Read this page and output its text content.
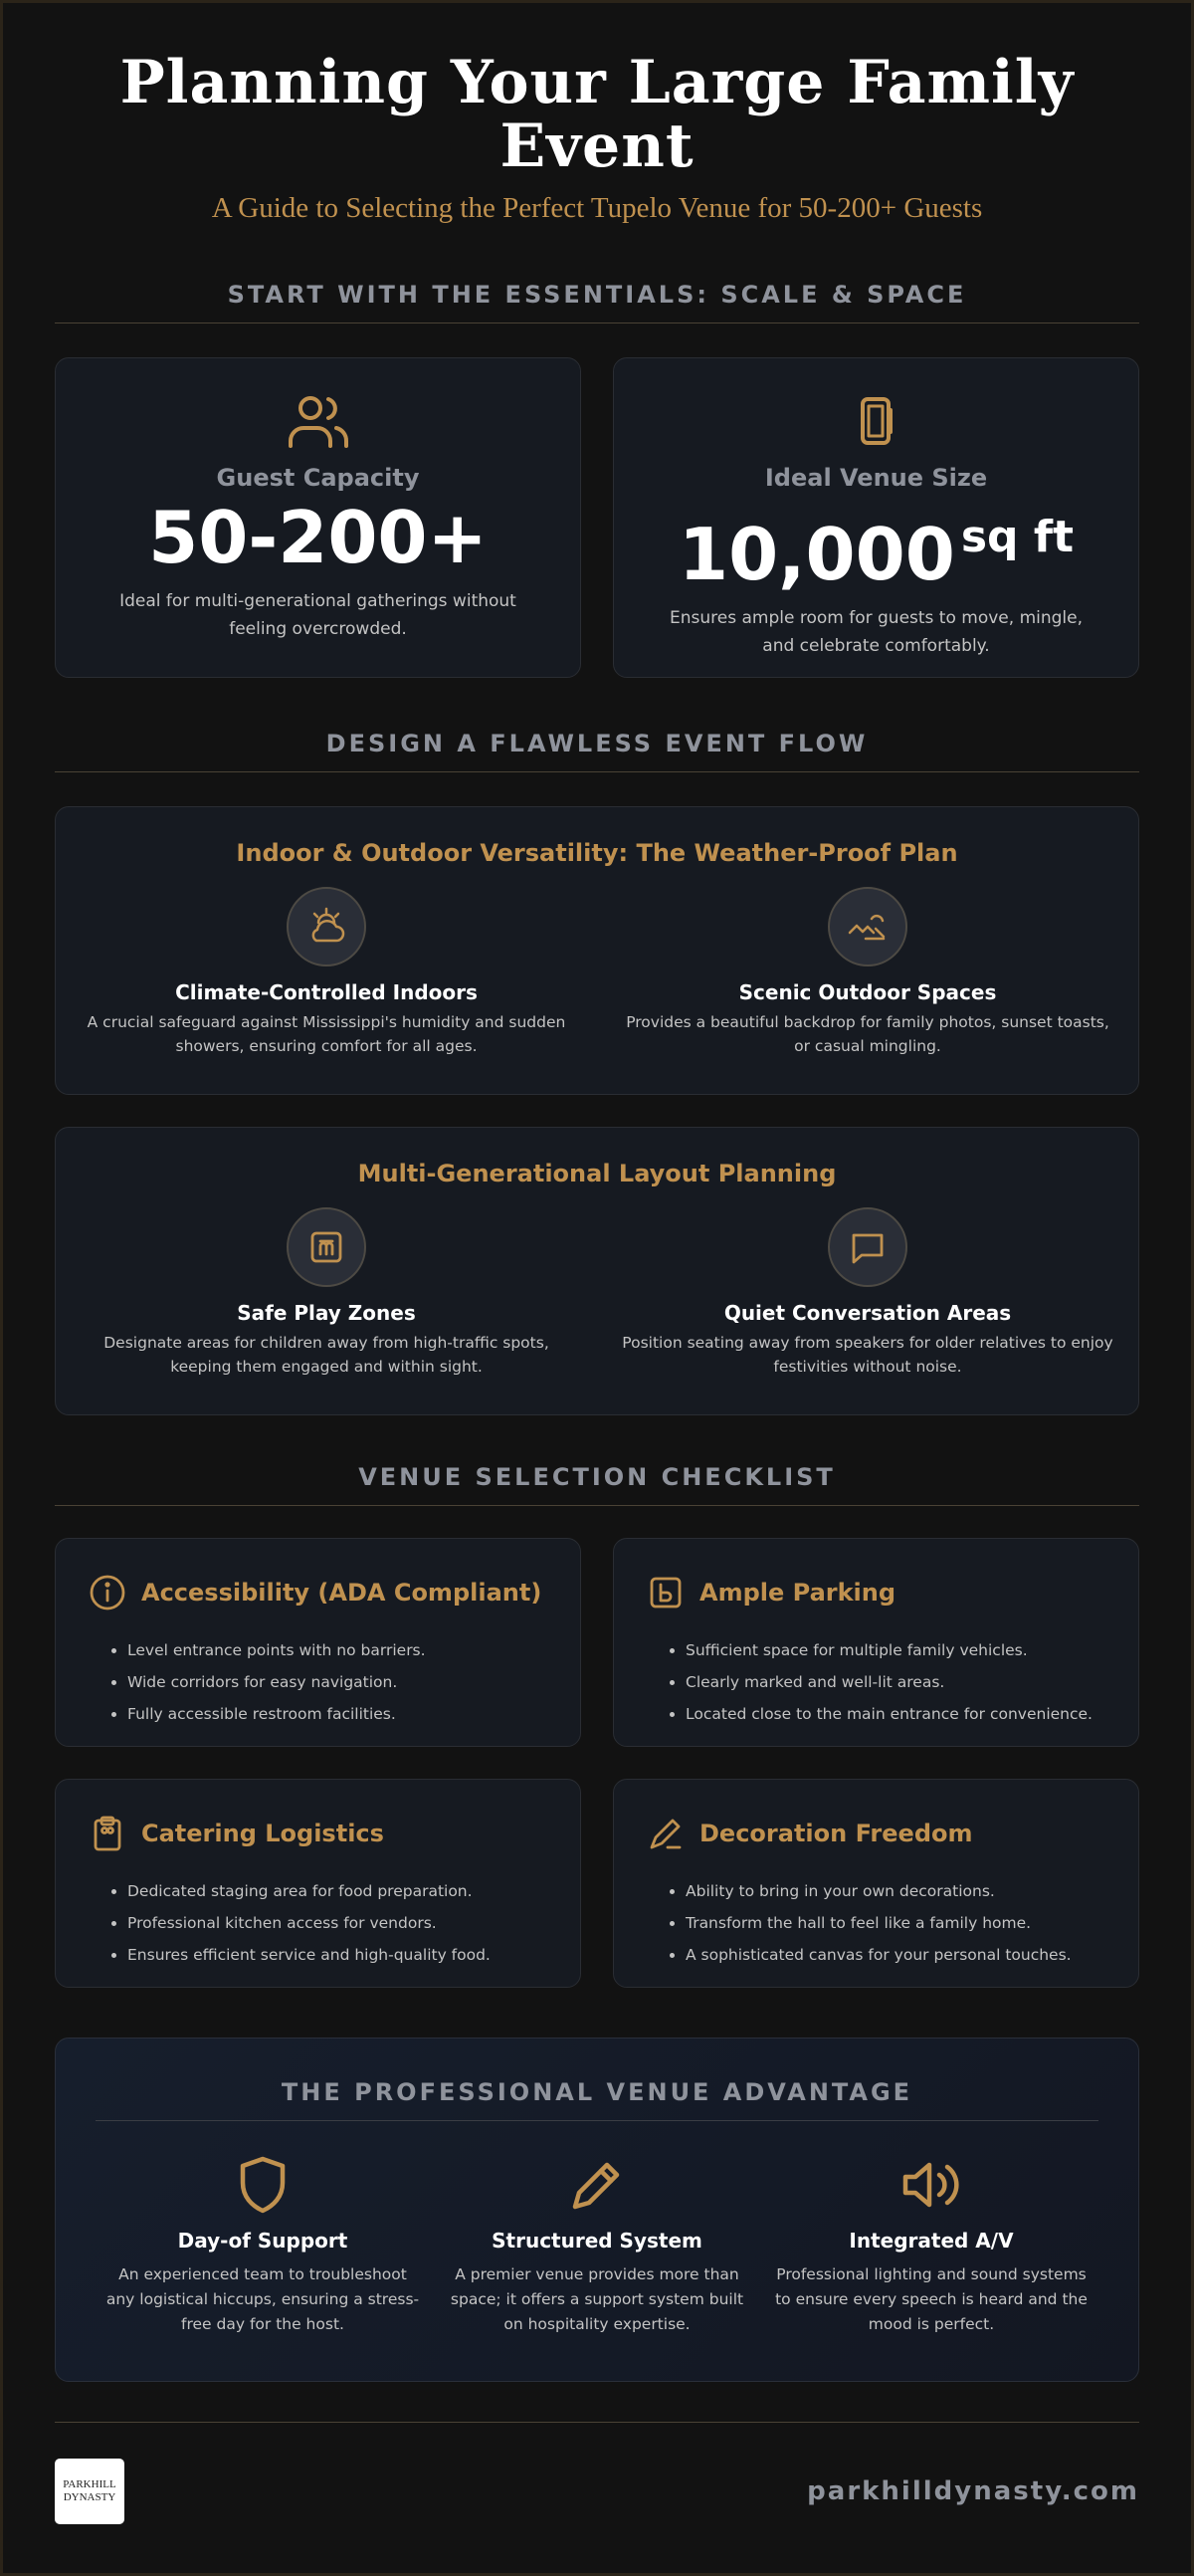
Planning Your Large Family Event
A Guide to Selecting the Perfect Tupelo Venue for 50-200+ Guests
START WITH THE ESSENTIALS: SCALE & SPACE
Guest Capacity
50-200+
Ideal for multi-generational gatherings without feeling overcrowded.
Ideal Venue Size
10,000 $^{sq ft}$
Ensures ample room for guests to move, mingle, and celebrate comfortably.
DESIGN A FLAWLESS EVENT FLOW
Indoor & Outdoor Versatility: The Weather-Proof Plan
Climate-Controlled Indoors
A crucial safeguard against Mississippi's humidity and sudden showers, ensuring comfort for all ages.
Scenic Outdoor Spaces
Provides a beautiful backdrop for family photos, sunset toasts, or casual mingling.
Multi-Generational Layout Planning
Safe Play Zones
Designate areas for children away from high-traffic spots, keeping them engaged and within sight.
Quiet Conversation Areas
Position seating away from speakers for older relatives to enjoy festivities without noise.
VENUE SELECTION CHECKLIST
Accessibility (ADA Compliant)
• Level entrance points with no barriers.
• Wide corridors for easy navigation.
• Fully accessible restroom facilities.
Ample Parking
• Sufficient space for multiple family vehicles.
• Clearly marked and well-lit areas.
• Located close to the main entrance for convenience.
Catering Logistics
• Dedicated staging area for food preparation.
• Professional kitchen access for vendors.
• Ensures efficient service and high-quality food.
Decoration Freedom
• Ability to bring in your own decorations.
• Transform the hall to feel like a family home.
• A sophisticated canvas for your personal touches.
THE PROFESSIONAL VENUE ADVANTAGE
Day-of Support
An experienced team to troubleshoot any logistical hiccups, ensuring a stress-free day for the host.
Structured System
A premier venue provides more than space; it offers a support system built on hospitality expertise.
Integrated A/V
Professional lighting and sound systems to ensure every speech is heard and the mood is perfect.
PARKHILL
DYNASTY	parkhilldynasty.com
